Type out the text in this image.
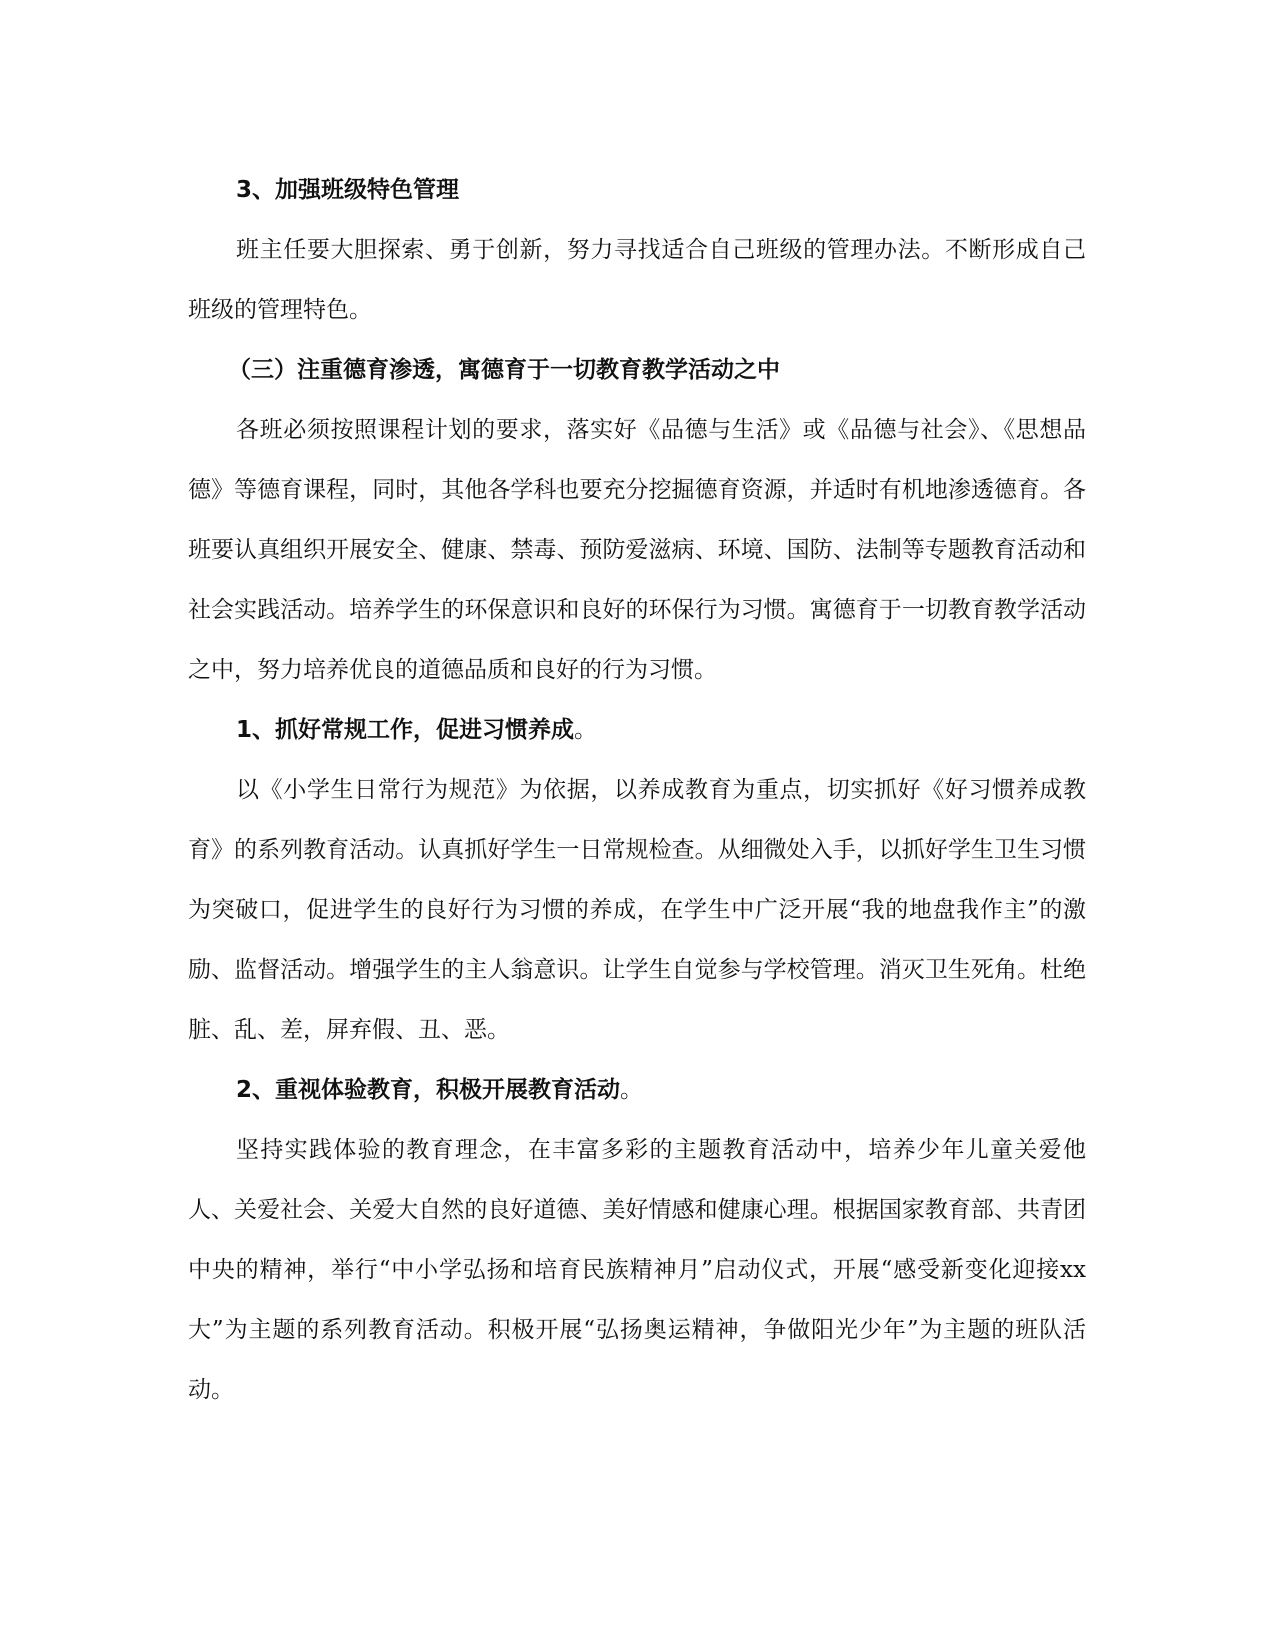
3、加强班级特色管理

班主任要大胆探索、勇于创新，努力寻找适合自己班级的管理办法。不断形成自己班级的管理特色。

（三）注重德育渗透，寓德育于一切教育教学活动之中

各班必须按照课程计划的要求，落实好《品德与生活》或《品德与社会》、《思想品德》等德育课程，同时，其他各学科也要充分挖掘德育资源，并适时有机地渗透德育。各班要认真组织开展安全、健康、禁毒、预防爱滋病、环境、国防、法制等专题教育活动和社会实践活动。培养学生的环保意识和良好的环保行为习惯。寓德育于一切教育教学活动之中，努力培养优良的道德品质和良好的行为习惯。

1、抓好常规工作，促进习惯养成。

以《小学生日常行为规范》为依据，以养成教育为重点，切实抓好《好习惯养成教育》的系列教育活动。认真抓好学生一日常规检查。从细微处入手，以抓好学生卫生习惯为突破口，促进学生的良好行为习惯的养成，在学生中广泛开展“我的地盘我作主”的激励、监督活动。增强学生的主人翁意识。让学生自觉参与学校管理。消灭卫生死角。杜绝脏、乱、差，屏弃假、丑、恶。

2、重视体验教育，积极开展教育活动。

坚持实践体验的教育理念，在丰富多彩的主题教育活动中，培养少年儿童关爱他人、关爱社会、关爱大自然的良好道德、美好情感和健康心理。根据国家教育部、共青团中央的精神，举行“中小学弘扬和培育民族精神月”启动仪式，开展“感受新变化迎接xx大”为主题的系列教育活动。积极开展“弘扬奥运精神，争做阳光少年”为主题的班队活动。
